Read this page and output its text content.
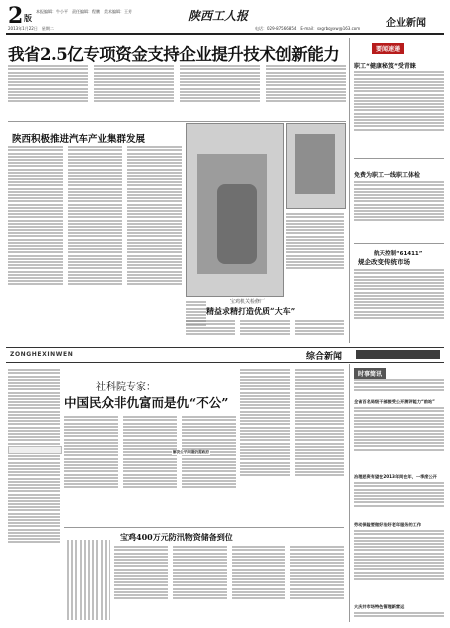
2 版
本报编辑：牛小平　责任编辑：程鹏　美术编辑：王芳
2013年1月22日　星期二
陕西工人报
企业新闻
电话：029-87566854　E-mail：sxgrbqyxw@163.com
我省2.5亿专项资金支持企业提升技术创新能力
陕西积极推进汽车产业集群发展
宝鸡机关检修厂
精益求精打造优质“大车”
要闻速递
职工“健康秘笈”受青睐
免费为职工一线职工体检
航天控制“61411”
规企改变传统市场
ZONGHEXINWEN	综合新闻
社科院专家：
中国民众非仇富而是仇“不公”
解决公平问题仍需政府
宝鸡400万元防汛物资储备到位
时事简讯
全省百名局级干部接受公开测评能力“前站”
治理恶资有望在2013年间在年，一季度公开
劳动保险要做好治好老年服务的工作
大庆井市场特色管理新营运
